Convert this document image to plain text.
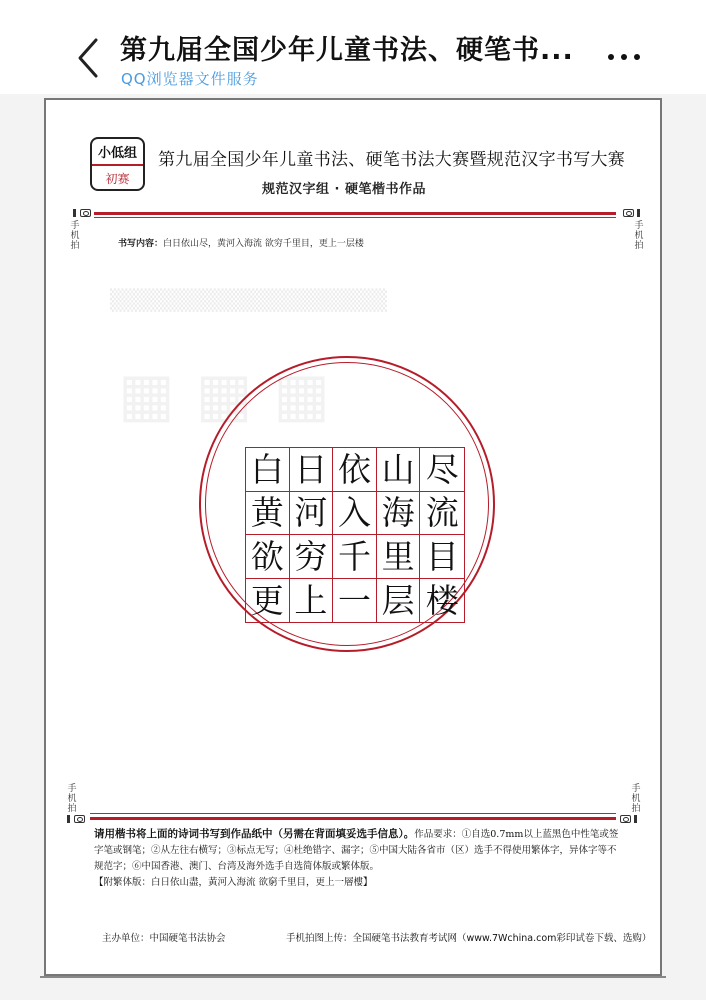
第九届全国少年儿童书法、硬笔书...
QQ浏览器文件服务
▒▒▒▒▒▒▒▒▒▒▒▒▒▒▒▒▒▒
▦ ▦ ▦
小低组
初赛
第九届全国少年儿童书法、硬笔书法大赛暨规范汉字书写大赛
规范汉字组 · 硬笔楷书作品
手机拍
手机拍
书写内容：白日依山尽，黄河入海流 欲穷千里目，更上一层楼
白 日 依 山 尽
黄 河 入 海 流
欲 穷 千 里 目
更 上 一 层 楼
手机拍
手机拍
请用楷书将上面的诗词书写到作品纸中（另需在背面填妥选手信息）。作品要求：①自选0.7mm以上蓝黑色中性笔或签字笔或钢笔；②从左往右横写；③标点无写；④杜绝错字、漏字；⑤中国大陆各省市（区）选手不得使用繁体字，异体字等不规范字；⑥中国香港、澳门、台湾及海外选手自选简体版或繁体版。
【附繁体版：白日依山盡，黃河入海流 欲窮千里目，更上一層樓】
主办单位：中国硬笔书法协会	手机拍图上传：全国硬笔书法教育考试网（www.7Wchina.com彩印试卷下载、选购）
